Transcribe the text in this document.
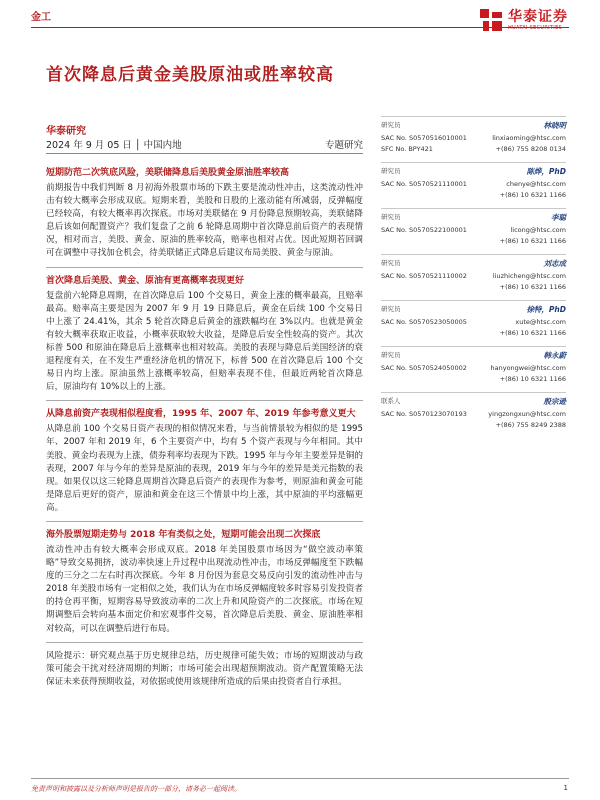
金工	华泰证券
HUATAI SECURITIES
首次降息后黄金美股原油或胜率较高
华泰研究
2024 年 9 月 05 日 │ 中国内地	专题研究
短期防范二次筑底风险，美联储降息后美股黄金原油胜率较高
前期报告中我们判断 8 月初海外股票市场的下跌主要是流动性冲击，这类流动性冲击有较大概率会形成双底。短期来看，美股和日股的上涨动能有所减弱，反弹幅度已经较高，有较大概率再次探底。市场对美联储在 9 月份降息预期较高，美联储降息后该如何配置资产？我们复盘了之前 6 轮降息周期中首次降息前后资产的表现情况，相对而言，美股、黄金、原油的胜率较高，赔率也相对占优。因此短期若回调可在调整中寻找加仓机会，待美联储正式降息后建议布局美股、黄金与原油。
首次降息后美股、黄金、原油有更高概率表现更好
复盘前六轮降息周期，在首次降息后 100 个交易日，黄金上涨的概率最高，且赔率最高。赔率高主要是因为 2007 年 9 月 19 日降息后，黄金在后续 100 个交易日中上涨了 24.41%，其余 5 轮首次降息后黄金的涨跌幅均在 3%以内。也就是黄金有较大概率获取正收益，小概率获取较大收益，是降息后安全性较高的资产。其次标普 500 和原油在降息后上涨概率也相对较高。美股的表现与降息后美国经济的衰退程度有关，在不发生严重经济危机的情况下，标普 500 在首次降息后 100 个交易日内均上涨。原油虽然上涨概率较高，但赔率表现不佳，但最近两轮首次降息后，原油均有 10%以上的上涨。
从降息前资产表现相似程度看，1995 年、2007 年、2019 年参考意义更大
从降息前 100 个交易日资产表现的相似情况来看，与当前情景较为相似的是 1995 年、2007 年和 2019 年，6 个主要资产中，均有 5 个资产表现与今年相同。其中美股、黄金均表现为上涨，债券利率均表现为下跌。1995 年与今年主要差异是铜的表现，2007 年与今年的差异是原油的表现，2019 年与今年的差异是美元指数的表现。如果仅以这三轮降息周期首次降息后资产的表现作为参考，则原油和黄金可能是降息后更好的资产，原油和黄金在这三个情景中均上涨，其中原油的平均涨幅更高。
海外股票短期走势与 2018 年有类似之处，短期可能会出现二次探底
流动性冲击有较大概率会形成双底。2018 年美国股票市场因为“做空波动率策略”导致交易拥挤，波动率快速上升过程中出现流动性冲击，市场反弹幅度至下跌幅度的三分之二左右时再次探底。今年 8 月份因为套息交易反向引发的流动性冲击与 2018 年美股市场有一定相似之处，我们认为在市场反弹幅度较多时容易引发投资者的持仓再平衡，短期容易导致波动率的二次上升和风险资产的二次探底。市场在短期调整后会转向基本面定价和宏观事件交易，首次降息后美股、黄金、原油胜率相对较高，可以在调整后进行布局。
风险提示：研究观点基于历史规律总结，历史规律可能失效；市场的短期波动与政策可能会干扰对经济周期的判断；市场可能会出现超预期波动。资产配置策略无法保证未来获得预期收益，对依据或使用该规律所造成的后果由投资者自行承担。
研究员	林晓明
SAC No. S0570516010001	linxiaoming@htsc.com
SFC No. BPY421	+(86) 755 8208 0134
研究员	陈烨，PhD
SAC No. S0570521110001	chenye@htsc.com
+(86) 10 6321 1166
研究员	李聪
SAC No. S0570522100001	licong@htsc.com
+(86) 10 6321 1166
研究员	刘志成
SAC No. S0570521110002	liuzhicheng@htsc.com
+(86) 10 6321 1166
研究员	徐特，PhD
SAC No. S0570523050005	xute@htsc.com
+(86) 10 6321 1166
研究员	韩永蔚
SAC No. S0570524050002	hanyongwei@htsc.com
+(86) 10 6321 1166
联系人	殷宗逊
SAC No. S0570123070193	yingzongxun@htsc.com
+(86) 755 8249 2388
免责声明和披露以及分析师声明是报告的一部分，请务必一起阅读。	1
